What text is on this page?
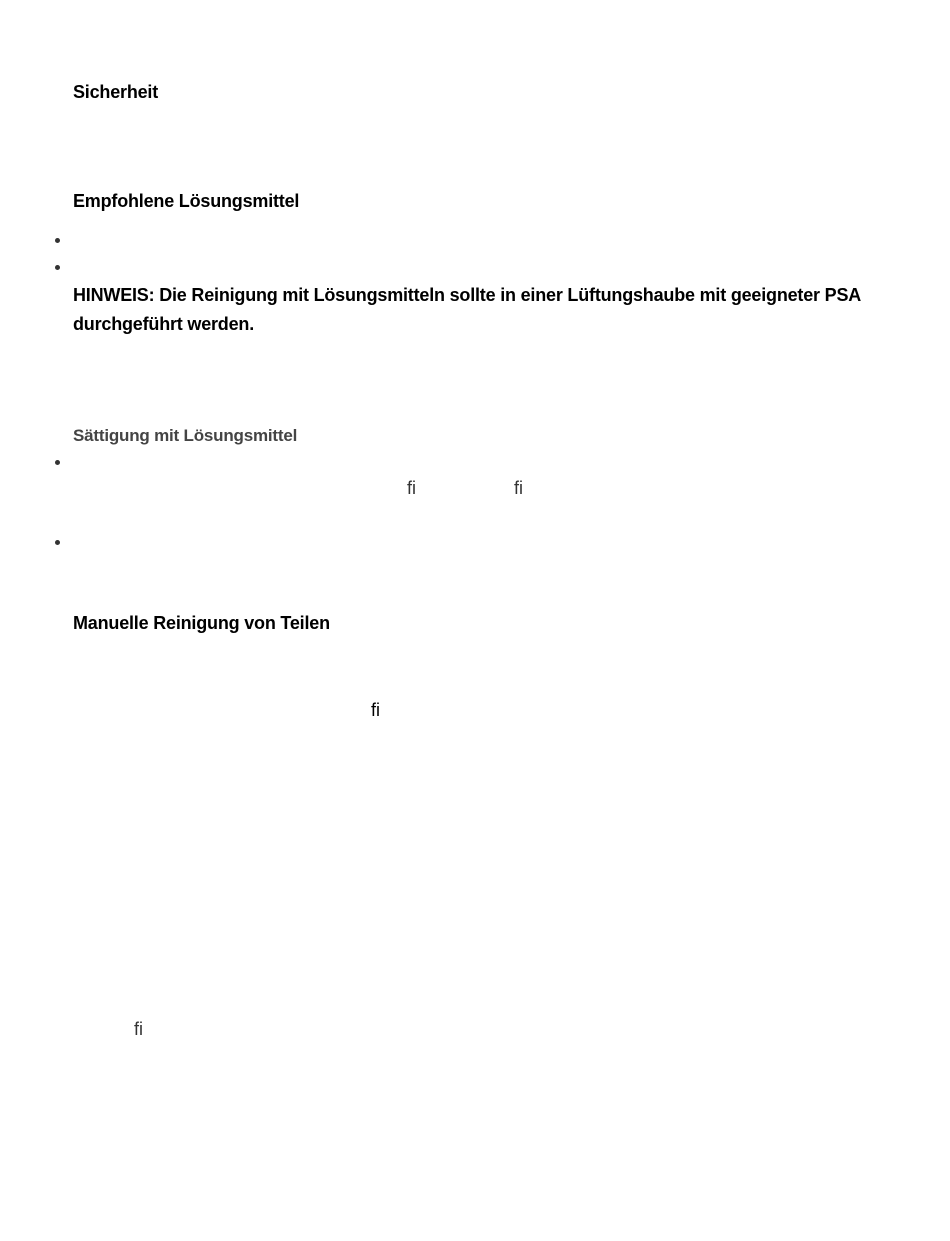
Sicherheit
Empfohlene Lösungsmittel

HINWEIS: Die Reinigung mit Lösungsmitteln sollte in einer Lüftungshaube mit geeigneter PSA durchgeführt werden.

Sättigung mit Lösungsmittel
ﬁ	ﬁ
Manuelle Reinigung von Teilen
ﬁ
ﬁ
